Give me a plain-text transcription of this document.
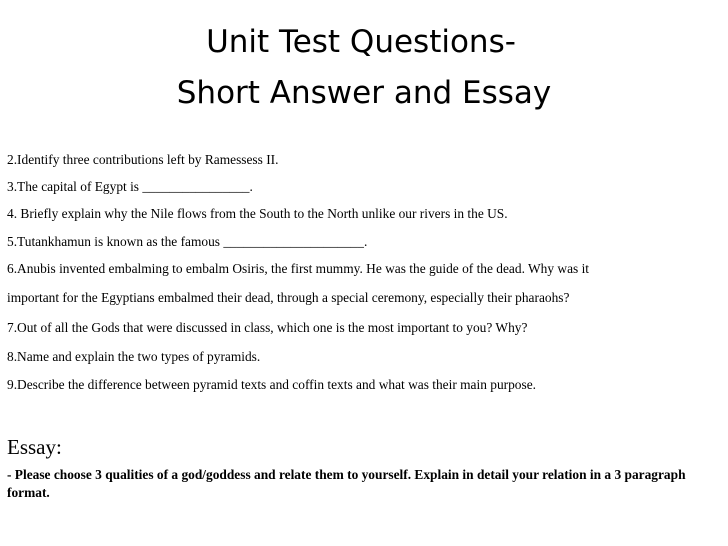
Unit Test Questions-
Short Answer and Essay
2.Identify three contributions left by Ramessess II.
3.The capital of Egypt is ________________.
4. Briefly explain why the Nile flows from the South to the North unlike our rivers in the US.
5.Tutankhamun is known as the famous _____________________.
6.Anubis invented embalming to embalm Osiris, the first mummy. He was the guide of the dead. Why was it
important for the Egyptians embalmed their dead, through a special ceremony, especially their pharaohs?
7.Out of all the Gods that were discussed in class, which one is the most important to you? Why?
8.Name and explain the two types of pyramids.
9.Describe the difference between pyramid texts and coffin texts and what was their main purpose.
Essay:
- Please choose 3 qualities of a god/goddess and relate them to yourself. Explain in detail your relation in a 3 paragraph format.
